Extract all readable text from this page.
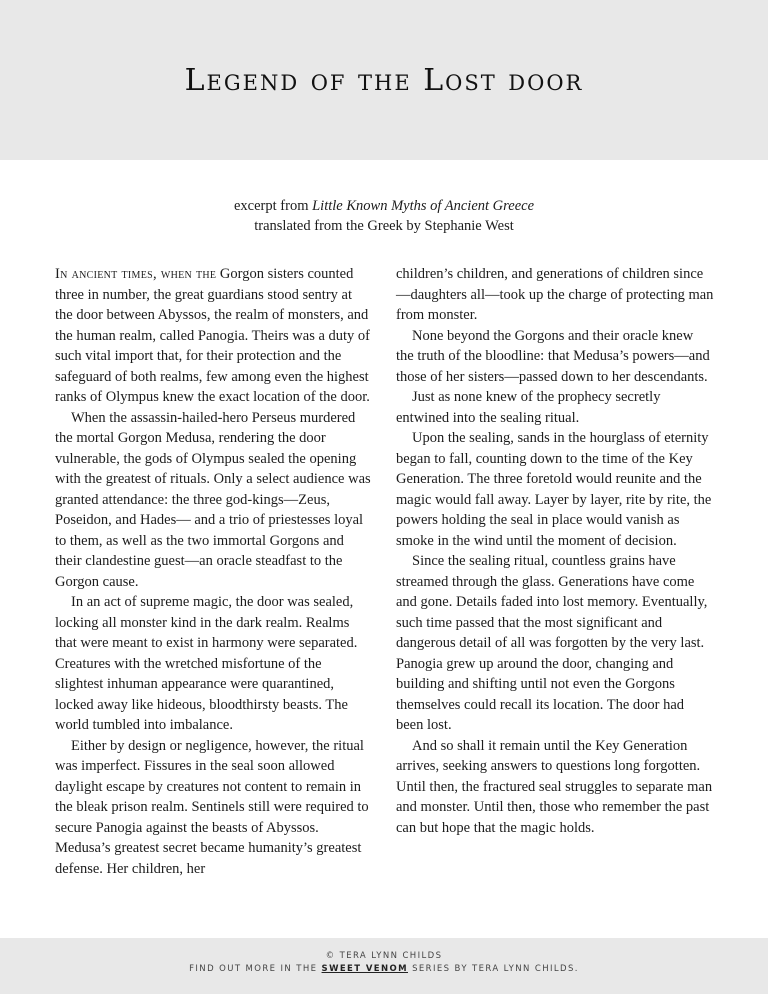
Legend of the Lost door
excerpt from Little Known Myths of Ancient Greece
translated from the Greek by Stephanie West

In ancient times, when the Gorgon sisters counted three in number, the great guardians stood sentry at the door between Abyssos, the realm of monsters, and the human realm, called Panogia. Theirs was a duty of such vital import that, for their protection and the safeguard of both realms, few among even the highest ranks of Olympus knew the exact location of the door.

When the assassin-hailed-hero Perseus murdered the mortal Gorgon Medusa, rendering the door vulnerable, the gods of Olympus sealed the opening with the greatest of rituals. Only a select audience was granted attendance: the three god-kings—Zeus, Poseidon, and Hades— and a trio of priestesses loyal to them, as well as the two immortal Gorgons and their clandestine guest—an oracle steadfast to the Gorgon cause.

In an act of supreme magic, the door was sealed, locking all monster kind in the dark realm. Realms that were meant to exist in harmony were separated. Creatures with the wretched misfortune of the slightest inhuman appearance were quarantined, locked away like hideous, bloodthirsty beasts. The world tumbled into imbalance.

Either by design or negligence, however, the ritual was imperfect. Fissures in the seal soon allowed daylight escape by creatures not content to remain in the bleak prison realm. Sentinels still were required to secure Panogia against the beasts of Abyssos. Medusa’s greatest secret became humanity’s greatest defense. Her children, her

children’s children, and generations of children since—daughters all—took up the charge of protecting man from monster.

None beyond the Gorgons and their oracle knew the truth of the bloodline: that Medusa’s powers—and those of her sisters—passed down to her descendants.

Just as none knew of the prophecy secretly entwined into the sealing ritual.

Upon the sealing, sands in the hourglass of eternity began to fall, counting down to the time of the Key Generation. The three foretold would reunite and the magic would fall away. Layer by layer, rite by rite, the powers holding the seal in place would vanish as smoke in the wind until the moment of decision.

Since the sealing ritual, countless grains have streamed through the glass. Generations have come and gone. Details faded into lost memory. Eventually, such time passed that the most significant and dangerous detail of all was forgotten by the very last. Panogia grew up around the door, changing and building and shifting until not even the Gorgons themselves could recall its location. The door had been lost.

And so shall it remain until the Key Generation arrives, seeking answers to questions long forgotten. Until then, the fractured seal struggles to separate man and monster. Until then, those who remember the past can but hope that the magic holds.

© TERA LYNN CHILDS
FIND OUT MORE IN THE SWEET VENOM SERIES BY TERA LYNN CHILDS.
